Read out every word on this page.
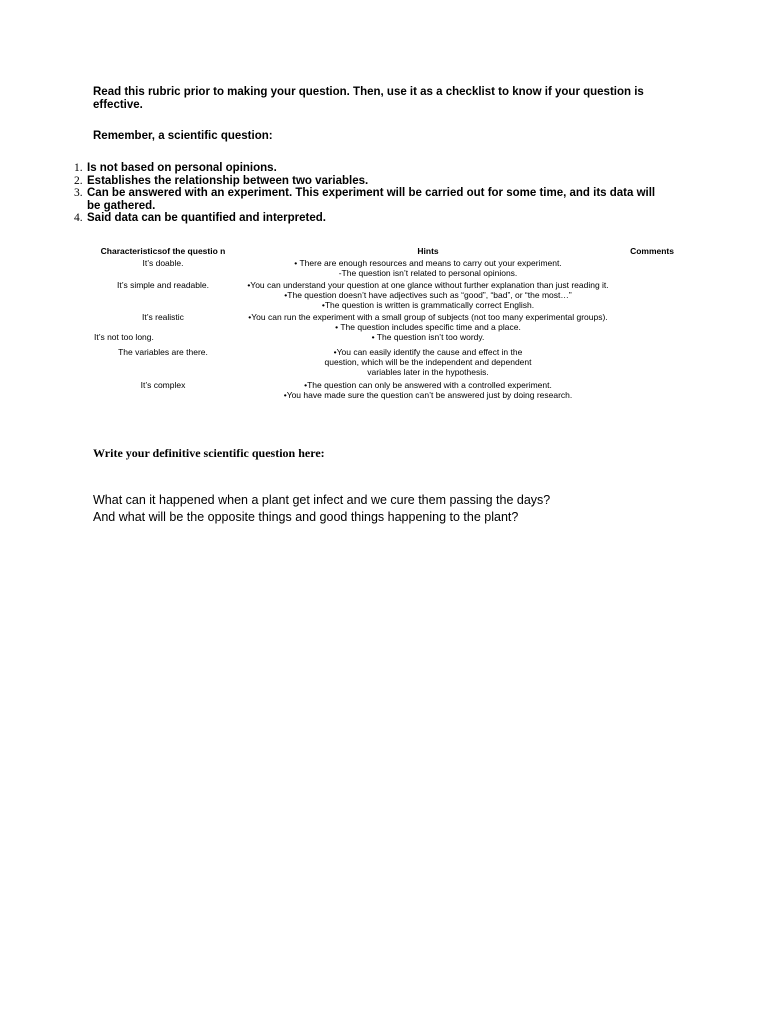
Read this rubric prior to making your question. Then, use it as a checklist to know if your question is effective.
Remember, a scientific question:
1. Is not based on personal opinions.
2. Establishes the relationship between two variables.
3. Can be answered with an experiment. This experiment will be carried out for some time, and its data will be gathered.
4. Said data can be quantified and interpreted.
Characteristicsof the questio n	Hints	Comments
It’s doable.	• There are enough resources and means to carry out your experiment.
-The question isn’t related to personal opinions.
It’s simple and readable.	•You can understand your question at one glance without further explanation than just reading it.
•The question doesn’t have adjectives such as “good”, “bad”, or “the most…”
•The question is written is grammatically correct English.
It’s realistic	•You can run the experiment with a small group of subjects (not too many experimental groups).
• The question includes specific time and a place.
It’s not too long.	• The question isn’t too wordy.
The variables are there.	•You can easily identify the cause and effect in the question, which will be the independent and dependent variables later in the hypothesis.
It’s complex	•The question can only be answered with a controlled experiment.
•You have made sure the question can’t be answered just by doing research.
Write your definitive scientific question here:
What can it happened when a plant get infect and we cure them passing the days?
And what will be the opposite things and good things happening to the plant?
